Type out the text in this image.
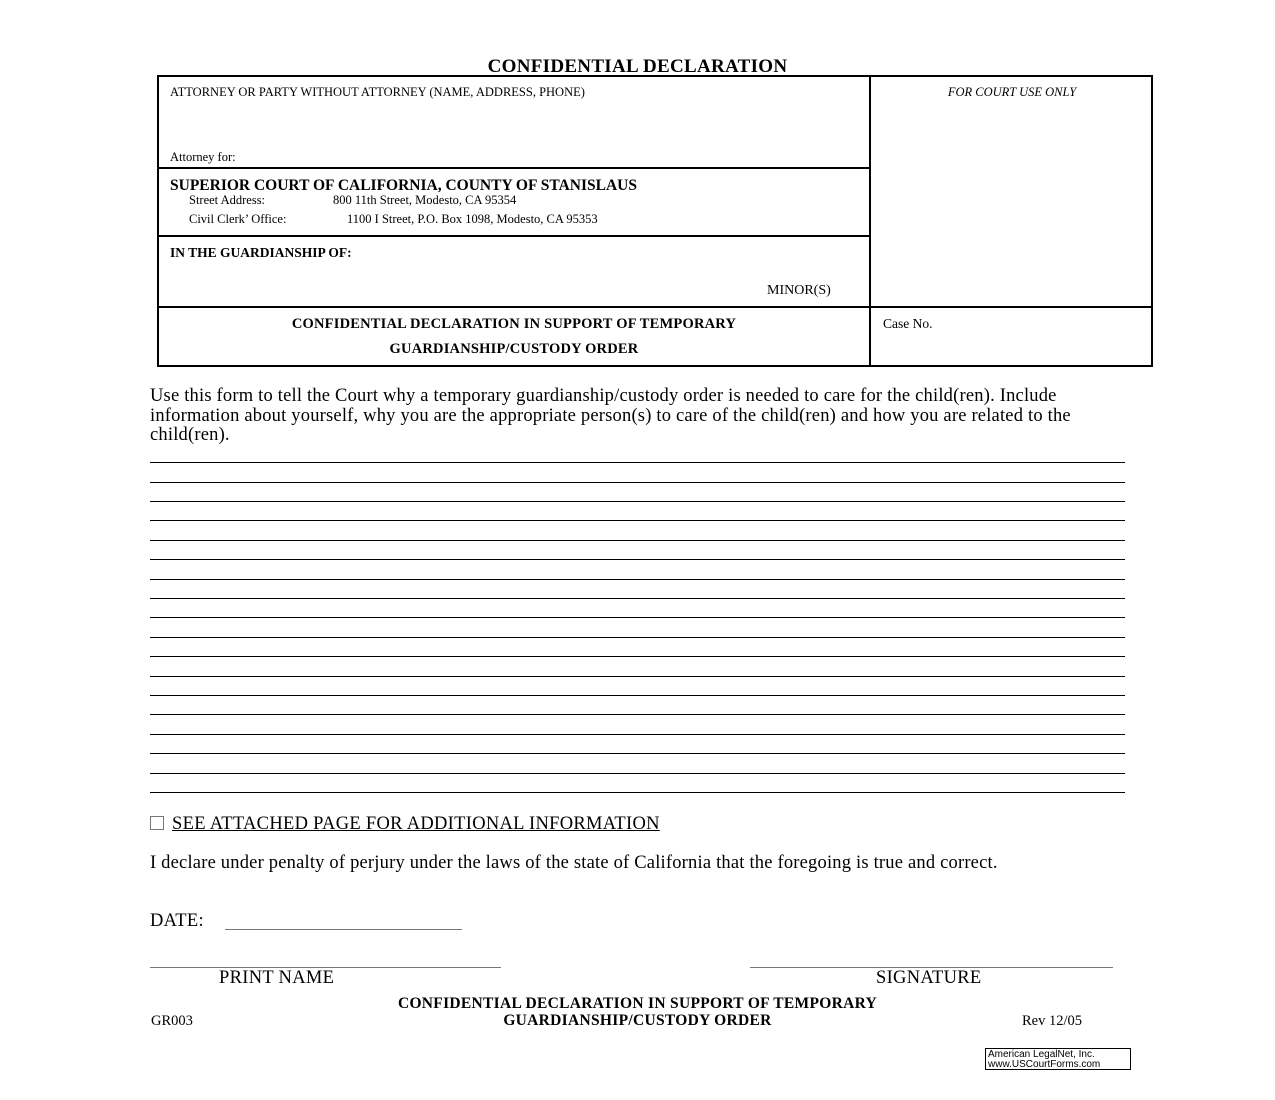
CONFIDENTIAL DECLARATION
ATTORNEY OR PARTY WITHOUT ATTORNEY (NAME, ADDRESS, PHONE)
Attorney for:
FOR COURT USE ONLY
SUPERIOR COURT OF CALIFORNIA, COUNTY OF STANISLAUS
Street Address:	800 11th Street, Modesto, CA 95354
Civil Clerk’ Office:	1100 I Street, P.O. Box 1098, Modesto, CA 95353
IN THE GUARDIANSHIP OF:
MINOR(S)
CONFIDENTIAL DECLARATION IN SUPPORT OF TEMPORARY
GUARDIANSHIP/CUSTODY ORDER
Case No.
Use this form to tell the Court why a temporary guardianship/custody order is needed to care for the child(ren). Include information about yourself, why you are the appropriate person(s) to care of the child(ren) and how you are related to the child(ren).
SEE ATTACHED PAGE FOR ADDITIONAL INFORMATION
I declare under penalty of perjury under the laws of the state of California that the foregoing is true and correct.
DATE:
PRINT NAME	SIGNATURE
CONFIDENTIAL DECLARATION IN SUPPORT OF TEMPORARY
GUARDIANSHIP/CUSTODY ORDER
GR003	Rev 12/05
American LegalNet, Inc.
www.USCourtForms.com
